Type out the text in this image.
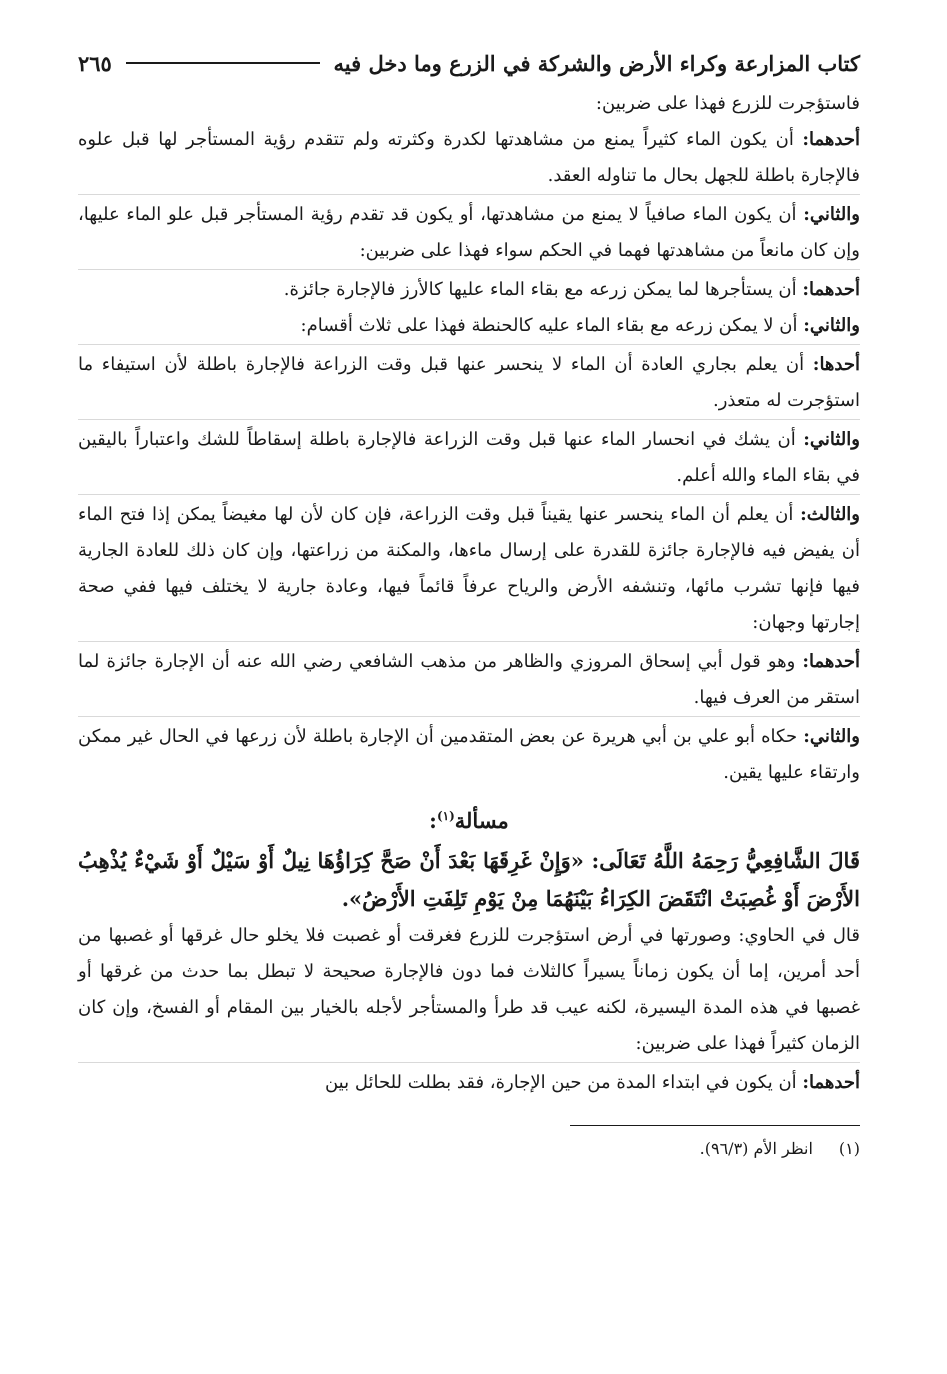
كتاب المزارعة وكراء الأرض والشركة في الزرع وما دخل فيه
٢٦٥

فاستؤجرت للزرع فهذا على ضربين:

أحدهما: أن يكون الماء كثيراً يمنع من مشاهدتها لكدرة وكثرته ولم تتقدم رؤية المستأجر لها قبل علوه فالإجارة باطلة للجهل بحال ما تناوله العقد.

والثاني: أن يكون الماء صافياً لا يمنع من مشاهدتها، أو يكون قد تقدم رؤية المستأجر قبل علو الماء عليها، وإن كان مانعاً من مشاهدتها فهما في الحكم سواء فهذا على ضربين:

أحدهما: أن يستأجرها لما يمكن زرعه مع بقاء الماء عليها كالأرز فالإجارة جائزة.

والثاني: أن لا يمكن زرعه مع بقاء الماء عليه كالحنطة فهذا على ثلاث أقسام:

أحدها: أن يعلم بجاري العادة أن الماء لا ينحسر عنها قبل وقت الزراعة فالإجارة باطلة لأن استيفاء ما استؤجرت له متعذر.

والثاني: أن يشك في انحسار الماء عنها قبل وقت الزراعة فالإجارة باطلة إسقاطاً للشك واعتباراً باليقين في بقاء الماء والله أعلم.

والثالث: أن يعلم أن الماء ينحسر عنها يقيناً قبل وقت الزراعة، فإن كان لأن لها مغيضاً يمكن إذا فتح الماء أن يفيض فيه فالإجارة جائزة للقدرة على إرسال ماءها، والمكنة من زراعتها، وإن كان ذلك للعادة الجارية فيها فإنها تشرب مائها، وتنشفه الأرض والرياح عرفاً قائماً فيها، وعادة جارية لا يختلف فيها ففي صحة إجارتها وجهان:

أحدهما: وهو قول أبي إسحاق المروزي والظاهر من مذهب الشافعي رضي الله عنه أن الإجارة جائزة لما استقر من العرف فيها.

والثاني: حكاه أبو علي بن أبي هريرة عن بعض المتقدمين أن الإجارة باطلة لأن زرعها في الحال غير ممكن وارتقاء عليها يقين.

مسألة$^{(١)}$:

قَالَ الشَّافِعِيُّ رَحِمَهُ اللَّهُ تَعَالَى: «وَإِنْ غَرِقَهَا بَعْدَ أَنْ صَحَّ كِرَاؤُهَا نِيلٌ أَوْ سَيْلٌ أَوْ شَيْءٌ يُذْهِبُ الأَرْضَ أَوْ غُصِبَتْ انْتَقَضَ الكِرَاءُ بَيْنَهُمَا مِنْ يَوْمِ تَلِفَتِ الأَرْضُ».

قال في الحاوي: وصورتها في أرض استؤجرت للزرع فغرقت أو غصبت فلا يخلو حال غرقها أو غصبها من أحد أمرين، إما أن يكون زماناً يسيراً كالثلاث فما دون فالإجارة صحيحة لا تبطل بما حدث من غرقها أو غصبها في هذه المدة اليسيرة، لكنه عيب قد طرأ والمستأجر لأجله بالخيار بين المقام أو الفسخ، وإن كان الزمان كثيراً فهذا على ضربين:

أحدهما: أن يكون في ابتداء المدة من حين الإجارة، فقد بطلت للحائل بين

(١)
انظر الأم (٩٦/٣).
